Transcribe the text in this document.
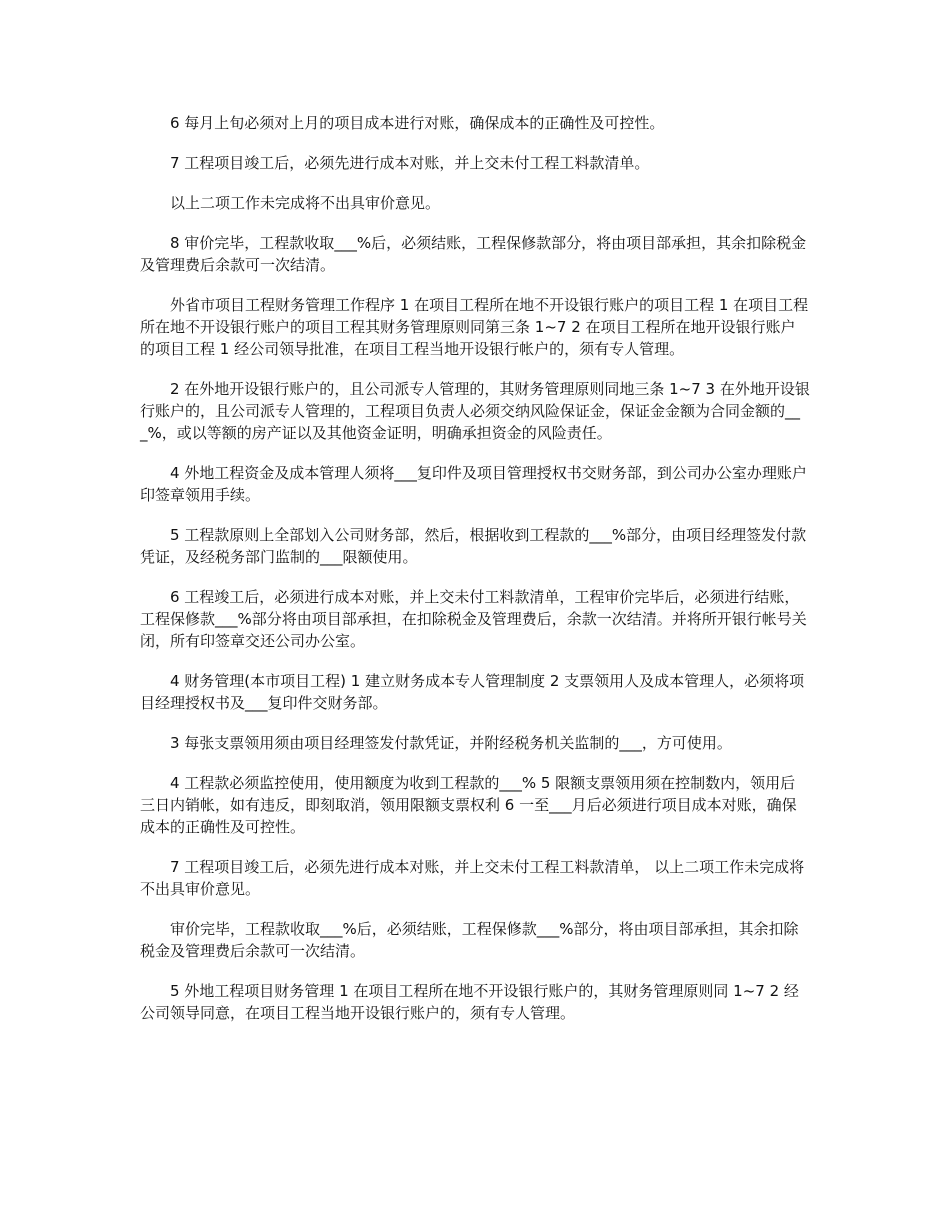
6 每月上旬必须对上月的项目成本进行对账，确保成本的正确性及可控性。

7 工程项目竣工后，必须先进行成本对账，并上交未付工程工料款清单。

以上二项工作未完成将不出具审价意见。

8 审价完毕，工程款收取___%后，必须结账，工程保修款部分，将由项目部承担，其余扣除税金及管理费后余款可一次结清。

外省市项目工程财务管理工作程序 1 在项目工程所在地不开设银行账户的项目工程 1 在项目工程所在地不开设银行账户的项目工程其财务管理原则同第三条 1~7 2 在项目工程所在地开设银行账户的项目工程 1 经公司领导批准，在项目工程当地开设银行帐户的，须有专人管理。

2 在外地开设银行账户的，且公司派专人管理的，其财务管理原则同地三条 1~7 3 在外地开设银行账户的，且公司派专人管理的，工程项目负责人必须交纳风险保证金，保证金金额为合同金额的___%，或以等额的房产证以及其他资金证明，明确承担资金的风险责任。

4 外地工程资金及成本管理人须将___复印件及项目管理授权书交财务部，到公司办公室办理账户印签章领用手续。

5 工程款原则上全部划入公司财务部，然后，根据收到工程款的___%部分，由项目经理签发付款凭证，及经税务部门监制的___限额使用。

6 工程竣工后，必须进行成本对账，并上交未付工料款清单，工程审价完毕后，必须进行结账，工程保修款___%部分将由项目部承担，在扣除税金及管理费后，余款一次结清。并将所开银行帐号关闭，所有印签章交还公司办公室。

4 财务管理(本市项目工程) 1 建立财务成本专人管理制度 2 支票领用人及成本管理人，必须将项目经理授权书及___复印件交财务部。

3 每张支票领用须由项目经理签发付款凭证，并附经税务机关监制的___，方可使用。

4 工程款必须监控使用，使用额度为收到工程款的___% 5 限额支票领用须在控制数内，领用后三日内销帐，如有违反，即刻取消，领用限额支票权利 6 一至___月后必须进行项目成本对账，确保成本的正确性及可控性。

7 工程项目竣工后，必须先进行成本对账，并上交未付工程工料款清单， 以上二项工作未完成将不出具审价意见。

审价完毕，工程款收取___%后，必须结账，工程保修款___%部分，将由项目部承担，其余扣除税金及管理费后余款可一次结清。

5 外地工程项目财务管理 1 在项目工程所在地不开设银行账户的，其财务管理原则同 1~7 2 经公司领导同意，在项目工程当地开设银行账户的，须有专人管理。
